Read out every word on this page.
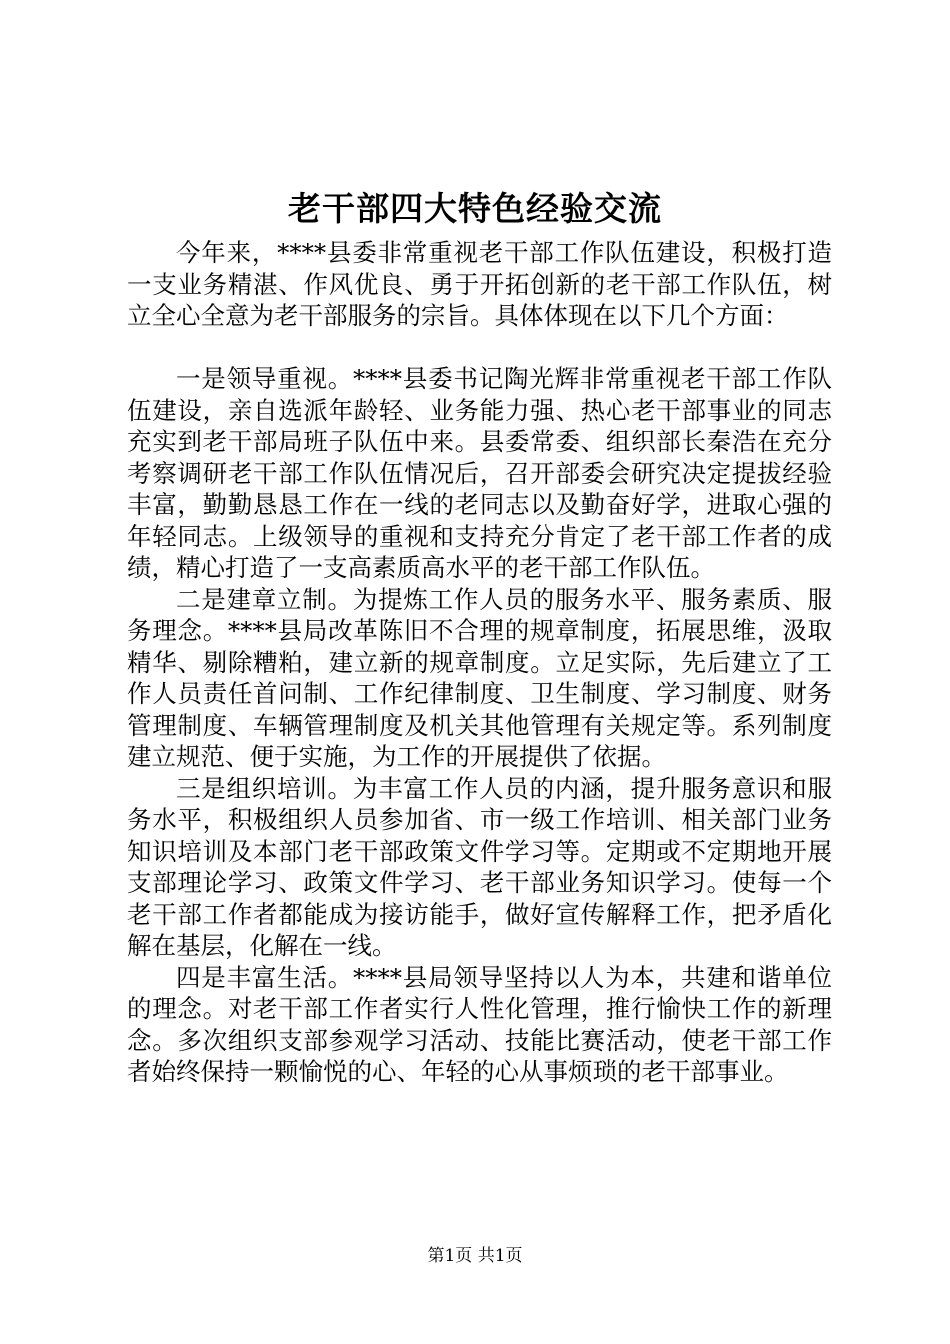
老干部四大特色经验交流

今年来，****县委非常重视老干部工作队伍建设，积极打造一支业务精湛、作风优良、勇于开拓创新的老干部工作队伍，树立全心全意为老干部服务的宗旨。具体体现在以下几个方面：

一是领导重视。****县委书记陶光辉非常重视老干部工作队伍建设，亲自选派年龄轻、业务能力强、热心老干部事业的同志充实到老干部局班子队伍中来。县委常委、组织部长秦浩在充分考察调研老干部工作队伍情况后，召开部委会研究决定提拔经验丰富，勤勤恳恳工作在一线的老同志以及勤奋好学，进取心强的年轻同志。上级领导的重视和支持充分肯定了老干部工作者的成绩，精心打造了一支高素质高水平的老干部工作队伍。

二是建章立制。为提炼工作人员的服务水平、服务素质、服务理念。****县局改革陈旧不合理的规章制度，拓展思维，汲取精华、剔除糟粕，建立新的规章制度。立足实际，先后建立了工作人员责任首问制、工作纪律制度、卫生制度、学习制度、财务管理制度、车辆管理制度及机关其他管理有关规定等。系列制度建立规范、便于实施，为工作的开展提供了依据。

三是组织培训。为丰富工作人员的内涵，提升服务意识和服务水平，积极组织人员参加省、市一级工作培训、相关部门业务知识培训及本部门老干部政策文件学习等。定期或不定期地开展支部理论学习、政策文件学习、老干部业务知识学习。使每一个老干部工作者都能成为接访能手，做好宣传解释工作，把矛盾化解在基层，化解在一线。

四是丰富生活。****县局领导坚持以人为本，共建和谐单位的理念。对老干部工作者实行人性化管理，推行愉快工作的新理念。多次组织支部参观学习活动、技能比赛活动，使老干部工作者始终保持一颗愉悦的心、年轻的心从事烦琐的老干部事业。

第1页 共1页
